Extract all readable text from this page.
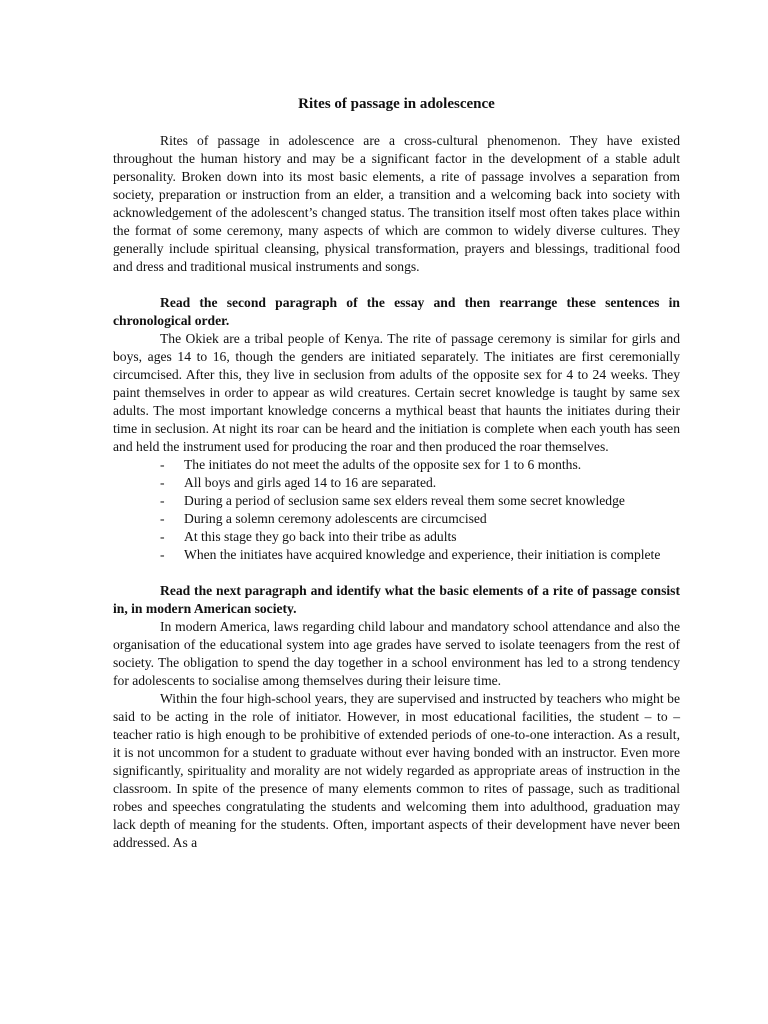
Rites of passage in adolescence

Rites of passage in adolescence are a cross-cultural phenomenon. They have existed throughout the human history and may be a significant factor in the development of a stable adult personality. Broken down into its most basic elements, a rite of passage involves a separation from society, preparation or instruction from an elder, a transition and a welcoming back into society with acknowledgement of the adolescent’s changed status. The transition itself most often takes place within the format of some ceremony, many aspects of which are common to widely diverse cultures. They generally include spiritual cleansing, physical transformation, prayers and blessings, traditional food and dress and traditional musical instruments and songs.

Read the second paragraph of the essay and then rearrange these sentences in chronological order.

The Okiek are a tribal people of Kenya. The rite of passage ceremony is similar for girls and boys, ages 14 to 16, though the genders are initiated separately. The initiates are first ceremonially circumcised. After this, they live in seclusion from adults of the opposite sex for 4 to 24 weeks. They paint themselves in order to appear as wild creatures. Certain secret knowledge is taught by same sex adults. The most important knowledge concerns a mythical beast that haunts the initiates during their time in seclusion. At night its roar can be heard and the initiation is complete when each youth has seen and held the instrument used for producing the roar and then produced the roar themselves.

- The initiates do not meet the adults of the opposite sex for 1 to 6 months.
- All boys and girls aged 14 to 16 are separated.
- During a period of seclusion same sex elders reveal them some secret knowledge
- During a solemn ceremony adolescents are circumcised
- At this stage they go back into their tribe as adults
- When the initiates have acquired knowledge and experience, their initiation is complete

Read the next paragraph and identify what the basic elements of a rite of passage consist in, in modern American society.

In modern America, laws regarding child labour and mandatory school attendance and also the organisation of the educational system into age grades have served to isolate teenagers from the rest of society. The obligation to spend the day together in a school environment has led to a strong tendency for adolescents to socialise among themselves during their leisure time.

Within the four high-school years, they are supervised and instructed by teachers who might be said to be acting in the role of initiator. However, in most educational facilities, the student – to – teacher ratio is high enough to be prohibitive of extended periods of one-to-one interaction. As a result, it is not uncommon for a student to graduate without ever having bonded with an instructor. Even more significantly, spirituality and morality are not widely regarded as appropriate areas of instruction in the classroom. In spite of the presence of many elements common to rites of passage, such as traditional robes and speeches congratulating the students and welcoming them into adulthood, graduation may lack depth of meaning for the students. Often, important aspects of their development have never been addressed. As a
